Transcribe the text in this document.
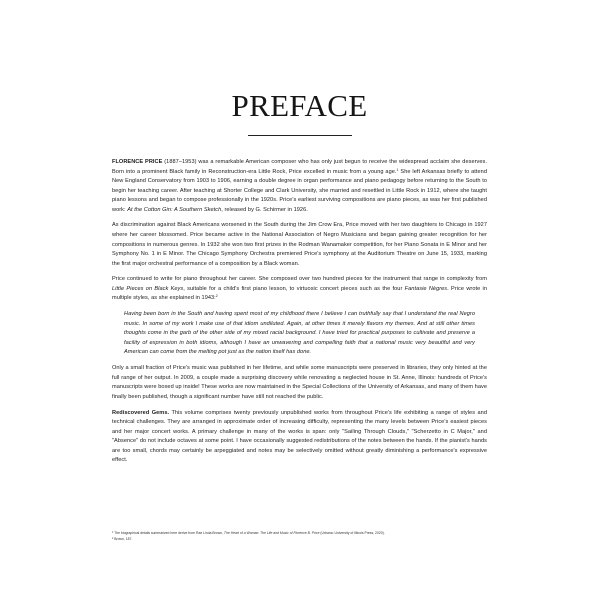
PREFACE

FLORENCE PRICE (1887–1953) was a remarkable American composer who has only just begun to receive the widespread acclaim she deserves. Born into a prominent Black family in Reconstruction-era Little Rock, Price excelled in music from a young age.$^1$ She left Arkansas briefly to attend New England Conservatory from 1903 to 1906, earning a double degree in organ performance and piano pedagogy before returning to the South to begin her teaching career. After teaching at Shorter College and Clark University, she married and resettled in Little Rock in 1912, where she taught piano lessons and began to compose professionally in the 1920s. Price's earliest surviving compositions are piano pieces, as was her first published work: At the Cotton Gin: A Southern Sketch, released by G. Schirmer in 1926.

As discrimination against Black Americans worsened in the South during the Jim Crow Era, Price moved with her two daughters to Chicago in 1927 where her career blossomed. Price became active in the National Association of Negro Musicians and began gaining greater recognition for her compositions in numerous genres. In 1932 she won two first prizes in the Rodman Wanamaker competition, for her Piano Sonata in E Minor and her Symphony No. 1 in E Minor. The Chicago Symphony Orchestra premiered Price's symphony at the Auditorium Theatre on June 15, 1933, marking the first major orchestral performance of a composition by a Black woman.

Price continued to write for piano throughout her career. She composed over two hundred pieces for the instrument that range in complexity from Little Pieces on Black Keys, suitable for a child's first piano lesson, to virtuosic concert pieces such as the four Fantasie Nègres. Price wrote in multiple styles, as she explained in 1943:$^2$

Having been born in the South and having spent most of my childhood there I believe I can truthfully say that I understand the real Negro music. In some of my work I make use of that idiom undiluted. Again, at other times it merely flavors my themes. And at still other times thoughts come in the garb of the other side of my mixed racial background. I have tried for practical purposes to cultivate and preserve a facility of expression in both idioms, although I have an unwavering and compelling faith that a national music very beautiful and very American can come from the melting pot just as the nation itself has done.

Only a small fraction of Price's music was published in her lifetime, and while some manuscripts were preserved in libraries, they only hinted at the full range of her output. In 2009, a couple made a surprising discovery while renovating a neglected house in St. Anne, Illinois: hundreds of Price's manuscripts were boxed up inside! These works are now maintained in the Special Collections of the University of Arkansas, and many of them have finally been published, though a significant number have still not reached the public.

Rediscovered Gems. This volume comprises twenty previously unpublished works from throughout Price's life exhibiting a range of styles and technical challenges. They are arranged in approximate order of increasing difficulty, representing the many levels between Price's easiest pieces and her major concert works. A primary challenge in many of the works is span: only "Sailing Through Clouds," "Scherzetto in C Major," and "Absence" do not include octaves at some point. I have occasionally suggested redistributions of the notes between the hands. If the pianist's hands are too small, chords may certainly be arpeggiated and notes may be selectively omitted without greatly diminishing a performance's expressive effect.

$^1$ The biographical details summarized here derive from Rae Linda Brown, The Heart of a Woman: The Life and Music of Florence B. Price (Urbana: University of Illinois Press, 2020).

$^2$ Brown, 187.
